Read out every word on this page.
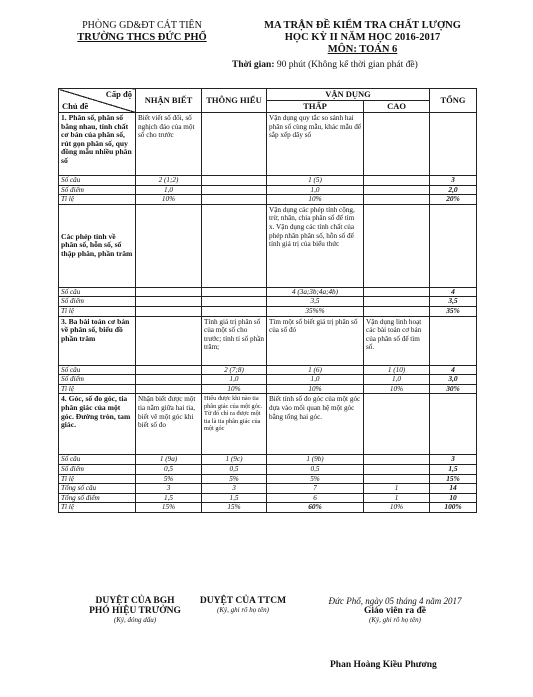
PHÒNG GD&ĐT CÁT TIÊN
TRƯỜNG THCS ĐỨC PHỔ
MA TRẬN ĐỀ KIỂM TRA CHẤT LƯỢNG
HỌC KỲ II NĂM HỌC 2016-2017
MÔN: TOÁN 6
Thời gian: 90 phút (Không kể thời gian phát đề)
Cấp độ
Chủ đề	NHẬN BIẾT	THÔNG HIỂU	VẬN DỤNG		TỔNG
			THẤP	CAO	
1. Phân số, phân số bằng nhau, tính chất cơ bản của phân số, rút gọn phân số, quy đồng mẫu nhiều phân số	Biết viết số đối, số nghịch đảo của một số cho trước		Vận dụng quy tắc so sánh hai phân số cùng mẫu, khác mẫu để sắp xếp dãy số		
Số câu	2 (1;2)		1 (5)		3
Số điểm	1,0		1,0		2,0
Tỉ lệ	10%		10%		20%
Các phép tính về phân số, hỗn số, số thập phân, phần trăm			Vận dụng các phép tính cộng, trừ, nhân, chia phân số để tìm x. Vận dụng các tính chất của phép nhân phân số, hỗn số để tính giá trị của biểu thức		
Số câu			4 (3a;3b;4a;4b)		4
Số điểm			3,5		3,5
Tỉ lệ			35%%		35%
3. Ba bài toán cơ bản về phân số, biểu đồ phần trăm		Tính giá trị phân số của một số cho trước; tính tỉ số phần trăm;	Tìm một số biết giá trị phân số của số đó	Vận dụng linh hoạt các bài toán cơ bản của phân số để tìm số.	
Số câu		2 (7;8)	1 (6)	1 (10)	4
Số điểm		1,0	1,0	1,0	3,0
Tỉ lệ		10%	10%	10%	30%
4. Góc, số đo góc, tia phân giác của một góc. Đường tròn, tam giác.	Nhận biết được một tia nằm giữa hai tia, biết vẽ một góc khi biết số đo	Hiểu được khi nào tia phân giác của một góc. Từ đó chỉ ra được một tia là tia phân giác của một góc	Biết tính số đo góc của một góc dựa vào mối quan hệ một góc bằng tổng hai góc.		
Số câu	1 (9a)	1 (9c)	1 (9b)		3
Số điểm	0,5	0,5	0,5		1,5
Tỉ lệ	5%	5%	5%		15%
Tổng số câu	3	3	7	1	14
Tổng số điểm	1,5	1,5	6	1	10
Tỉ lệ	15%	15%	60%	10%	100%
DUYỆT CỦA BGH
PHÓ HIỆU TRƯỞNG
(Ký, đóng dấu)
DUYỆT CỦA TTCM
(Ký, ghi rõ họ tên)
Đức Phổ, ngày 05 tháng 4 năm 2017
Giáo viên ra đề
(Ký, ghi rõ họ tên)
Phan Hoàng Kiều Phương
